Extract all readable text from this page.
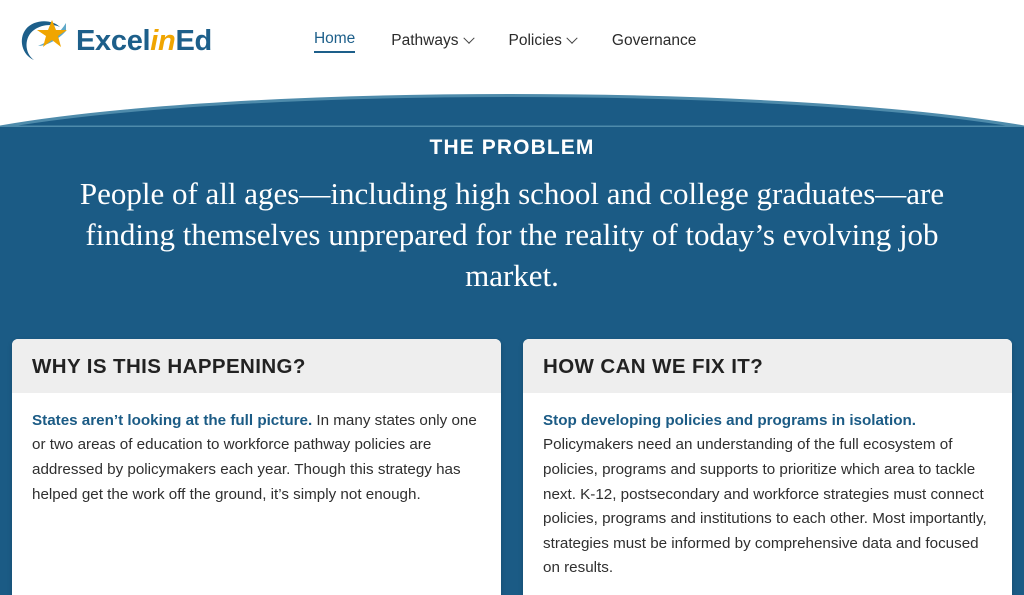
ExcelinEd	Home Pathways	Policies	Governance
THE PROBLEM
People of all ages—including high school and college graduates—are finding themselves unprepared for the reality of today’s evolving job market.
WHY IS THIS HAPPENING?
States aren’t looking at the full picture. In many states only one or two areas of education to workforce pathway policies are addressed by policymakers each year. Though this strategy has helped get the work off the ground, it’s simply not enough.
HOW CAN WE FIX IT?
Stop developing policies and programs in isolation. Policymakers need an understanding of the full ecosystem of policies, programs and supports to prioritize which area to tackle next. K-12, postsecondary and workforce strategies must connect policies, programs and institutions to each other. Most importantly, strategies must be informed by comprehensive data and focused on results.
